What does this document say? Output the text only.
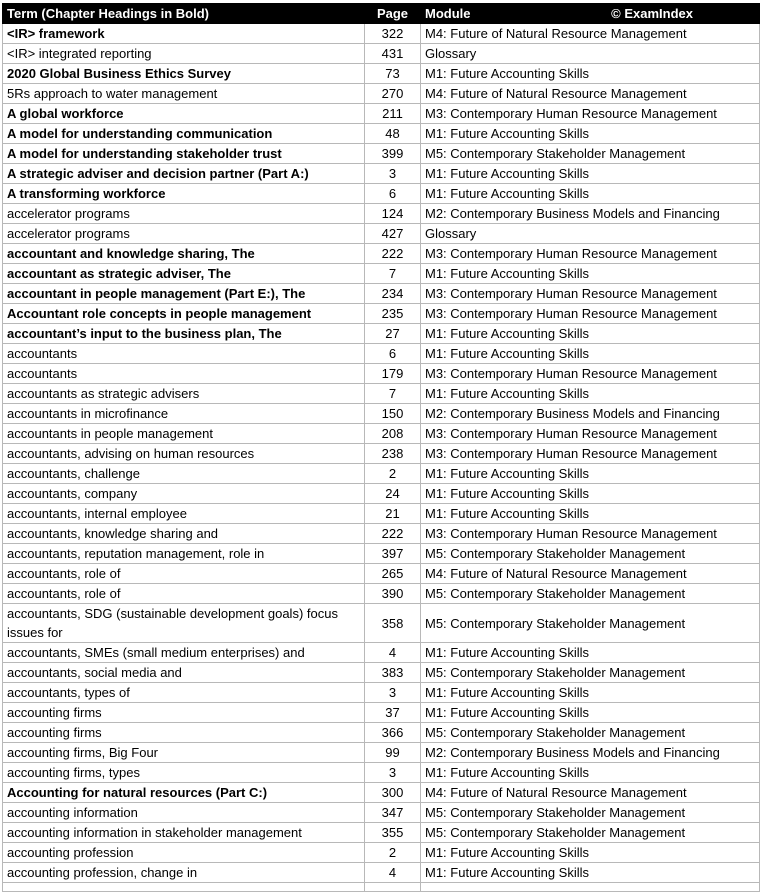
Term (Chapter Headings in Bold)	Page	Module © ExamIndex

<IR> framework	322	M4: Future of Natural Resource Management
<IR> integrated reporting	431	Glossary
2020 Global Business Ethics Survey	73	M1: Future Accounting Skills
5Rs approach to water management	270	M4: Future of Natural Resource Management
A global workforce	211	M3: Contemporary Human Resource Management
A model for understanding communication	48	M1: Future Accounting Skills
A model for understanding stakeholder trust	399	M5: Contemporary Stakeholder Management
A strategic adviser and decision partner (Part A:)	3	M1: Future Accounting Skills
A transforming workforce	6	M1: Future Accounting Skills
accelerator programs	124	M2: Contemporary Business Models and Financing
accelerator programs	427	Glossary
accountant and knowledge sharing, The	222	M3: Contemporary Human Resource Management
accountant as strategic adviser, The	7	M1: Future Accounting Skills
accountant in people management (Part E:), The	234	M3: Contemporary Human Resource Management
Accountant role concepts in people management	235	M3: Contemporary Human Resource Management
accountant’s input to the business plan, The	27	M1: Future Accounting Skills
accountants	6	M1: Future Accounting Skills
accountants	179	M3: Contemporary Human Resource Management
accountants as strategic advisers	7	M1: Future Accounting Skills
accountants in microfinance	150	M2: Contemporary Business Models and Financing
accountants in people management	208	M3: Contemporary Human Resource Management
accountants, advising on human resources	238	M3: Contemporary Human Resource Management
accountants, challenge	2	M1: Future Accounting Skills
accountants, company	24	M1: Future Accounting Skills
accountants, internal employee	21	M1: Future Accounting Skills
accountants, knowledge sharing and	222	M3: Contemporary Human Resource Management
accountants, reputation management, role in	397	M5: Contemporary Stakeholder Management
accountants, role of	265	M4: Future of Natural Resource Management
accountants, role of	390	M5: Contemporary Stakeholder Management
accountants, SDG (sustainable development goals) focus issues for	358	M5: Contemporary Stakeholder Management
accountants, SMEs (small medium enterprises) and	4	M1: Future Accounting Skills
accountants, social media and	383	M5: Contemporary Stakeholder Management
accountants, types of	3	M1: Future Accounting Skills
accounting firms	37	M1: Future Accounting Skills
accounting firms	366	M5: Contemporary Stakeholder Management
accounting firms, Big Four	99	M2: Contemporary Business Models and Financing
accounting firms, types	3	M1: Future Accounting Skills
Accounting for natural resources (Part C:)	300	M4: Future of Natural Resource Management
accounting information	347	M5: Contemporary Stakeholder Management
accounting information in stakeholder management	355	M5: Contemporary Stakeholder Management
accounting profession	2	M1: Future Accounting Skills
accounting profession, change in	4	M1: Future Accounting Skills
